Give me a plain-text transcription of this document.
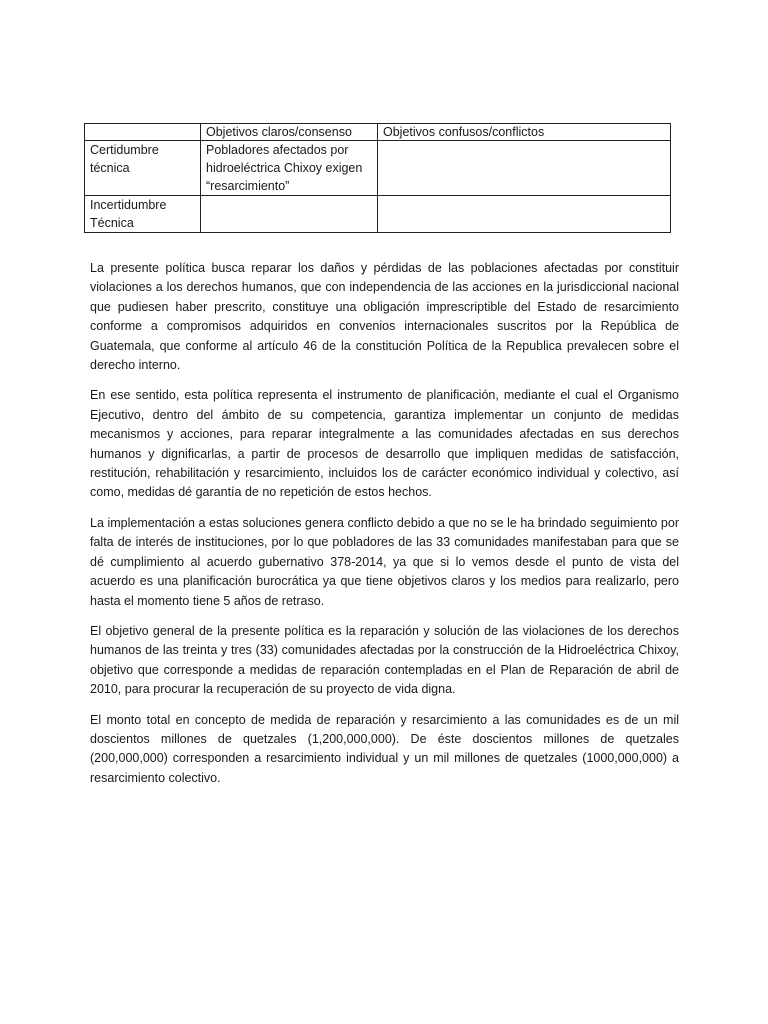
	Objetivos claros/consenso	Objetivos confusos/conflictos
Certidumbre técnica	Pobladores afectados por hidroeléctrica Chixoy exigen “resarcimiento”	
Incertidumbre Técnica		

La presente política busca reparar los daños y pérdidas de las poblaciones afectadas por constituir violaciones a los derechos humanos, que con independencia de las acciones en la jurisdiccional nacional que pudiesen haber prescrito, constituye una obligación imprescriptible del Estado de resarcimiento conforme a compromisos adquiridos en convenios internacionales suscritos por la República de Guatemala, que conforme al artículo 46 de la constitución Política de la Republica prevalecen sobre el derecho interno.

En ese sentido, esta política representa el instrumento de planificación, mediante el cual el Organismo Ejecutivo, dentro del ámbito de su competencia, garantiza implementar un conjunto de medidas mecanismos y acciones, para reparar integralmente a las comunidades afectadas en sus derechos humanos y dignificarlas, a partir de procesos de desarrollo que impliquen medidas de satisfacción, restitución, rehabilitación y resarcimiento, incluidos los de carácter económico individual y colectivo, así como, medidas dé garantía de no repetición de estos hechos.

La implementación a estas soluciones genera conflicto debido a que no se le ha brindado seguimiento por falta de interés de instituciones, por lo que pobladores de las 33 comunidades manifestaban para que se dé cumplimiento al acuerdo gubernativo 378-2014, ya que si lo vemos desde el punto de vista del acuerdo es una planificación burocrática ya que tiene objetivos claros y los medios para realizarlo, pero hasta el momento tiene 5 años de retraso.

El objetivo general de la presente política es la reparación y solución de las violaciones de los derechos humanos de las treinta y tres (33) comunidades afectadas por la construcción de la Hidroeléctrica Chixoy, objetivo que corresponde a medidas de reparación contempladas en el Plan de Reparación de abril de 2010, para procurar la recuperación de su proyecto de vida digna.

El monto total en concepto de medida de reparación y resarcimiento a las comunidades es de un mil doscientos millones de quetzales (1,200,000,000). De éste doscientos millones de quetzales (200,000,000) corresponden a resarcimiento individual y un mil millones de quetzales (1000,000,000) a resarcimiento colectivo.
